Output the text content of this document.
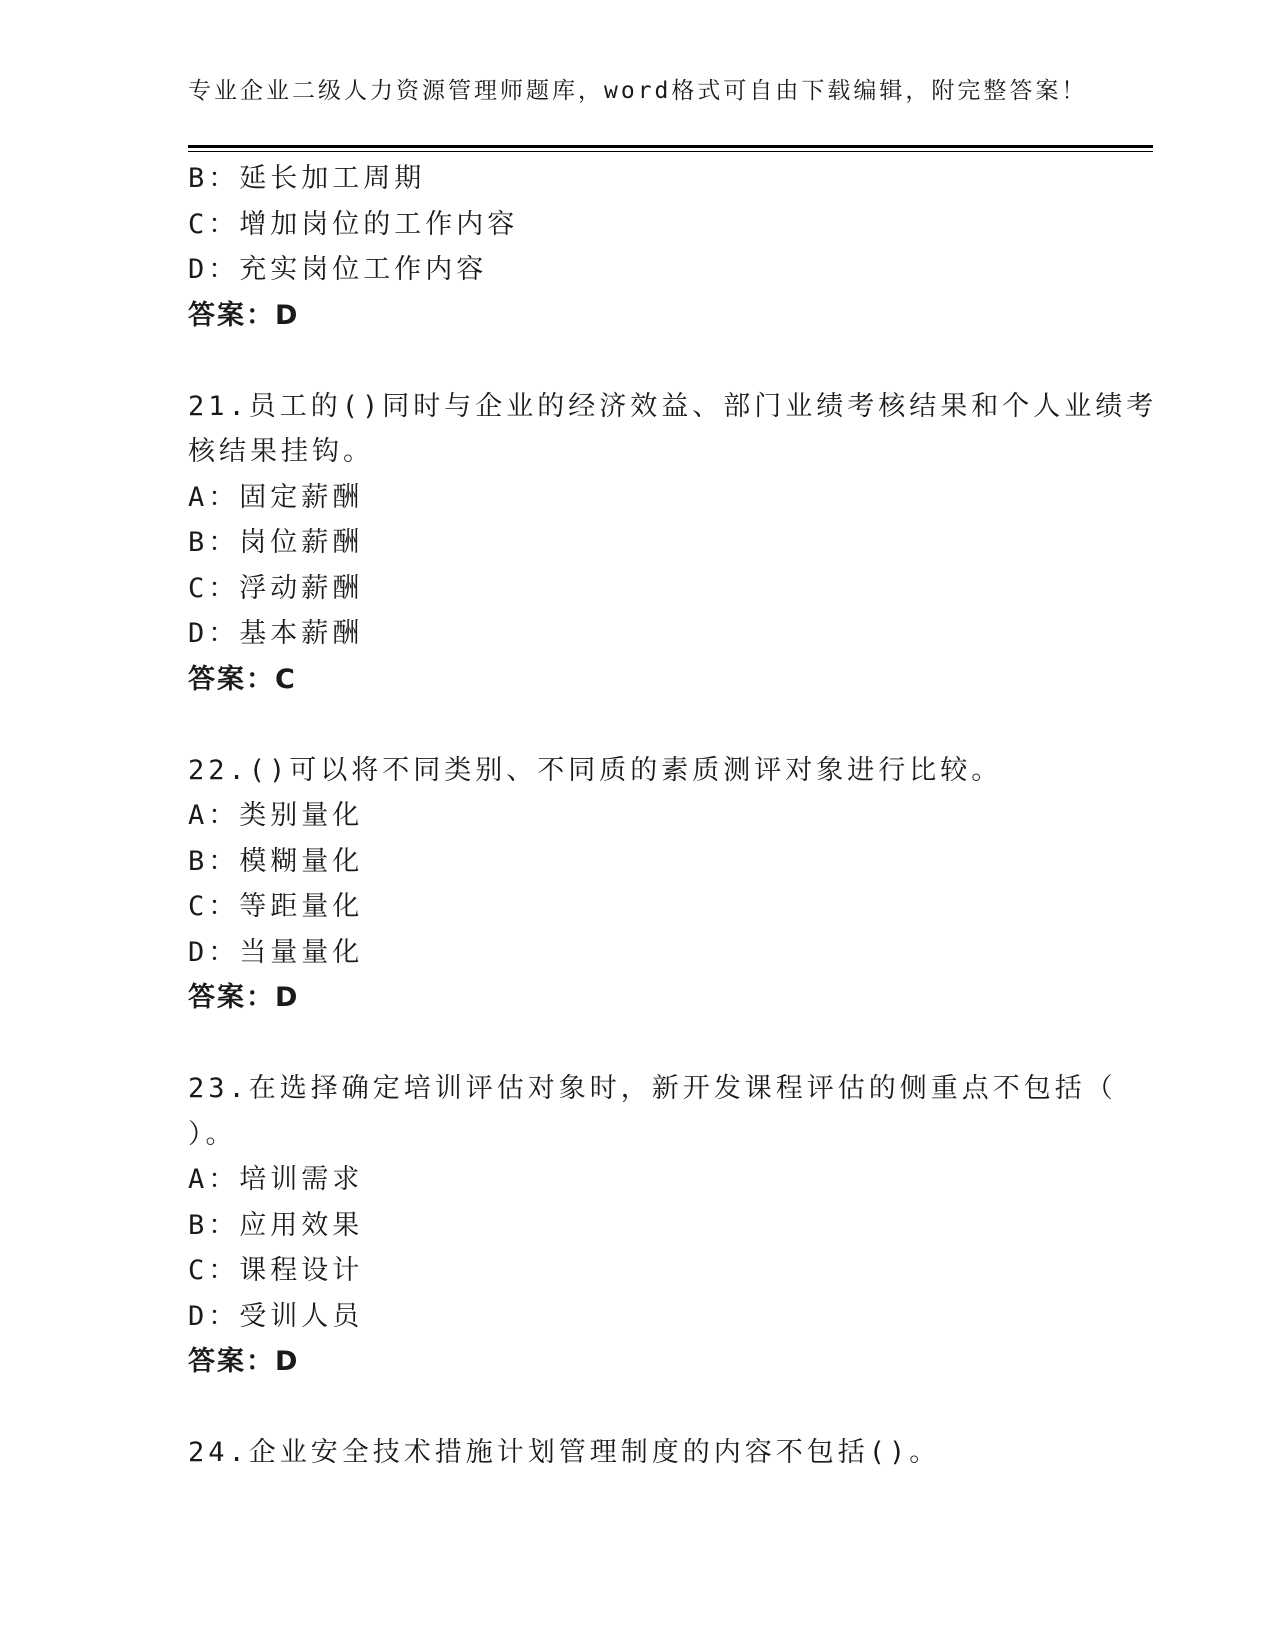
专业企业二级人力资源管理师题库，word格式可自由下载编辑，附完整答案！
B：延长加工周期
C：增加岗位的工作内容
D：充实岗位工作内容
答案：D
21.员工的()同时与企业的经济效益、部门业绩考核结果和个人业绩考
核结果挂钩。
A：固定薪酬
B：岗位薪酬
C：浮动薪酬
D：基本薪酬
答案：C
22.()可以将不同类别、不同质的素质测评对象进行比较。
A：类别量化
B：模糊量化
C：等距量化
D：当量量化
答案：D
23.在选择确定培训评估对象时，新开发课程评估的侧重点不包括（
）。
A：培训需求
B：应用效果
C：课程设计
D：受训人员
答案：D
24.企业安全技术措施计划管理制度的内容不包括()。
